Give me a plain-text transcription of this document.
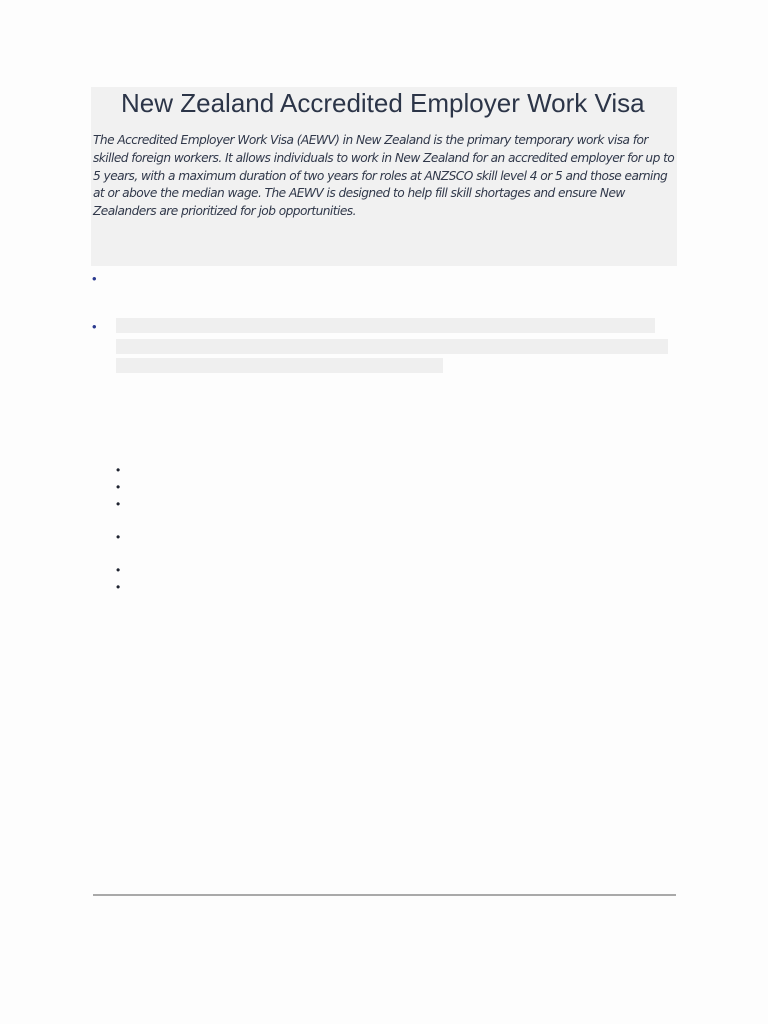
New Zealand Accredited Employer Work Visa

The Accredited Employer Work Visa (AEWV) in New Zealand is the primary temporary work visa for skilled foreign workers. It allows individuals to work in New Zealand for an accredited employer for up to 5 years, with a maximum duration of two years for roles at ANZSCO skill level 4 or 5 and those earning at or above the median wage. The AEWV is designed to help fill skill shortages and ensure New Zealanders are prioritized for job opportunities.

•
•
•
•
•
•
•
•
